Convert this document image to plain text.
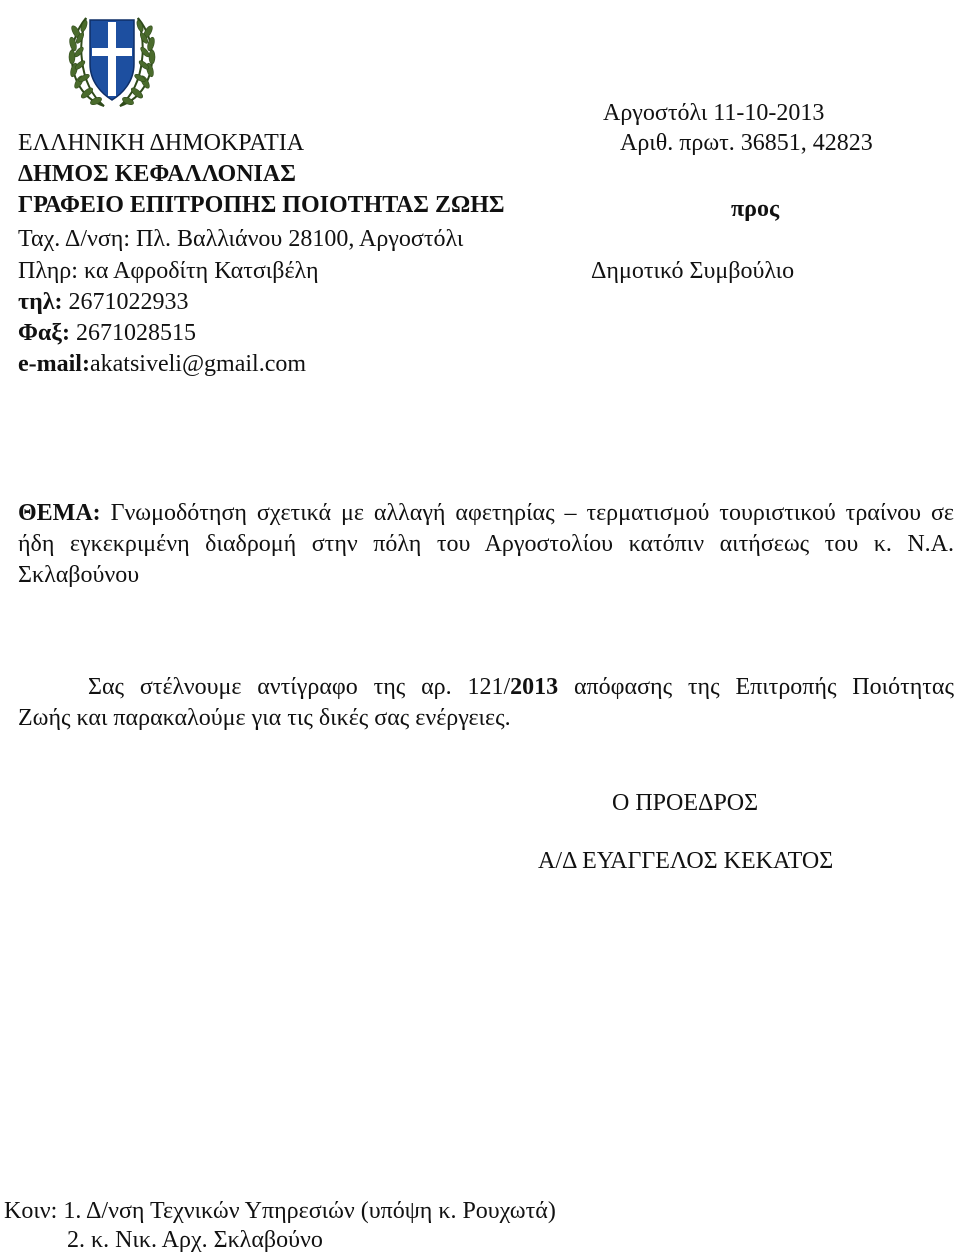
Αργοστόλι 11-10-2013
Αριθ. πρωτ. 36851, 42823
προς
Δημοτικό Συμβούλιο
ΕΛΛΗΝΙΚΗ ΔΗΜΟΚΡΑΤΙΑ
ΔΗΜΟΣ ΚΕΦΑΛΛΟΝΙΑΣ
ΓΡΑΦΕΙΟ ΕΠΙΤΡΟΠΗΣ ΠΟΙΟΤΗΤΑΣ ΖΩΗΣ
Ταχ. Δ/νση: Πλ. Βαλλιάνου 28100, Αργοστόλι
Πληρ: κα Αφροδίτη Κατσιβέλη
τηλ: 2671022933
Φαξ: 2671028515
e-mail:akatsiveli@gmail.com
ΘΕΜΑ: Γνωμοδότηση σχετικά με αλλαγή αφετηρίας – τερματισμού τουριστικού τραίνου σε
ήδη εγκεκριμένη διαδρομή στην πόλη του Αργοστολίου κατόπιν αιτήσεως του κ. Ν.Α.
Σκλαβούνου
Σας στέλνουμε αντίγραφο της αρ. 121/2013 απόφασης της Επιτροπής Ποιότητας
Ζωής και παρακαλούμε για τις δικές σας ενέργειες.
Ο ΠΡΟΕΔΡΟΣ
Α/Δ ΕΥΑΓΓΕΛΟΣ ΚΕΚΑΤΟΣ
Κοιν: 1. Δ/νση Τεχνικών Υπηρεσιών (υπόψη κ. Ρουχωτά)
2. κ. Νικ. Αρχ. Σκλαβούνο
